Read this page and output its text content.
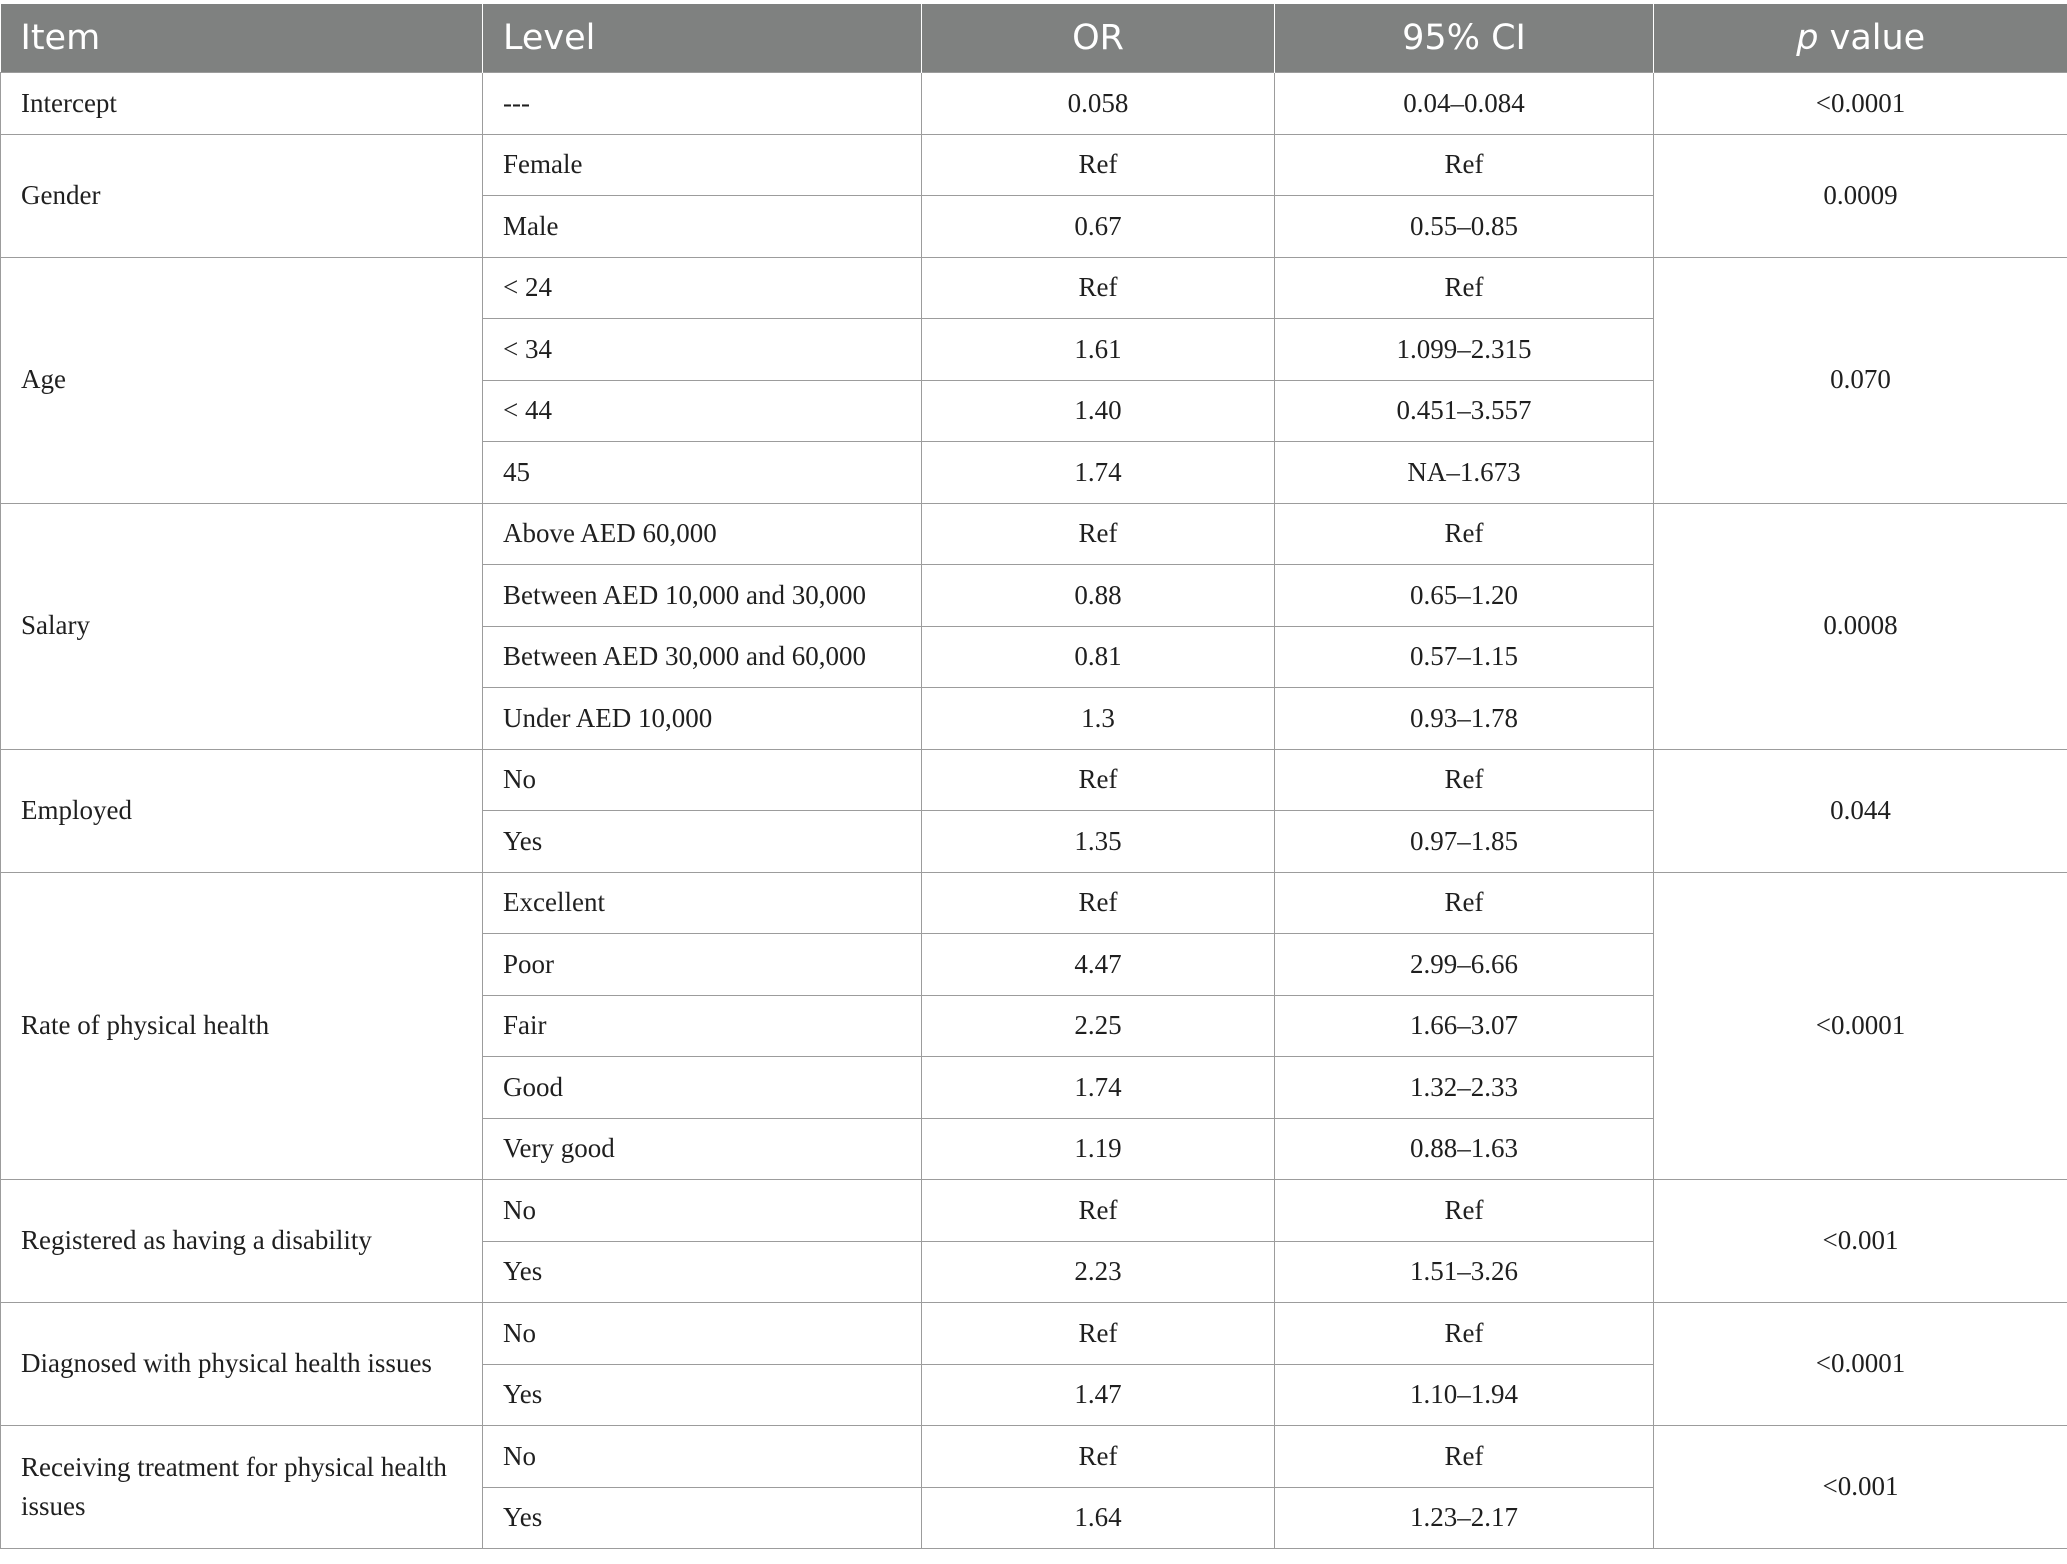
Item	Level	OR	95% CI	p value
Intercept	---	0.058	0.04–0.084	<0.0001
Gender	Female	Ref	Ref	0.0009
	Male	0.67	0.55–0.85	
Age	< 24	Ref	Ref	0.070
	< 34	1.61	1.099–2.315	
	< 44	1.40	0.451–3.557	
	45	1.74	NA–1.673	
Salary	Above AED 60,000	Ref	Ref	0.0008
	Between AED 10,000 and 30,000	0.88	0.65–1.20	
	Between AED 30,000 and 60,000	0.81	0.57–1.15	
	Under AED 10,000	1.3	0.93–1.78	
Employed	No	Ref	Ref	0.044
	Yes	1.35	0.97–1.85	
Rate of physical health	Excellent	Ref	Ref	<0.0001
	Poor	4.47	2.99–6.66	
	Fair	2.25	1.66–3.07	
	Good	1.74	1.32–2.33	
	Very good	1.19	0.88–1.63	
Registered as having a disability	No	Ref	Ref	<0.001
	Yes	2.23	1.51–3.26	
Diagnosed with physical health issues	No	Ref	Ref	<0.0001
	Yes	1.47	1.10–1.94	
Receiving treatment for physical health issues	No	Ref	Ref	<0.001
	Yes	1.64	1.23–2.17	
